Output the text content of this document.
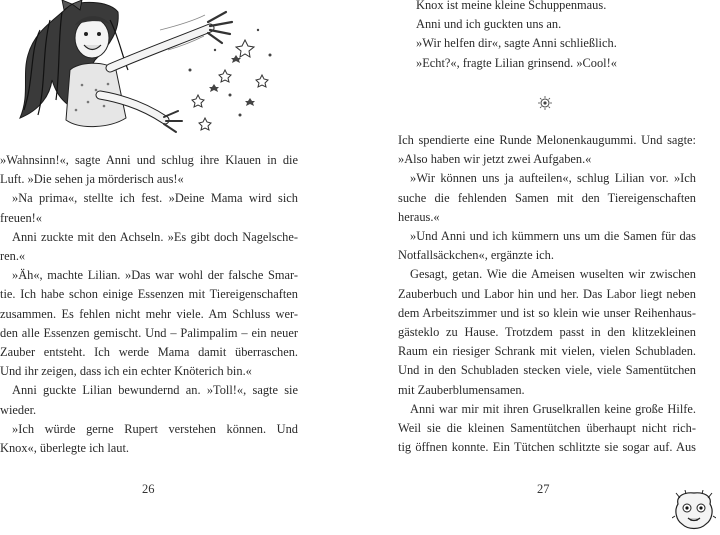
»Wahnsinn!«, sagte Anni und schlug ihre Klauen in die

Luft. »Die sehen ja mörderisch aus!«

»Na prima«, stellte ich fest. »Deine Mama wird sich

freuen!«

Anni zuckte mit den Achseln. »Es gibt doch Nagelsche-

ren.«

»Äh«, machte Lilian. »Das war wohl der falsche Smar-

tie. Ich habe schon einige Essenzen mit Tiereigenschaften

zusammen. Es fehlen nicht mehr viele. Am Schluss wer-

den alle Essenzen gemischt. Und – Palimpalim – ein neuer

Zauber entsteht. Ich werde Mama damit überraschen.

Und ihr zeigen, dass ich ein echter Knöterich bin.«

Anni guckte Lilian bewundernd an. »Toll!«, sagte sie

wieder.

»Ich würde gerne Rupert verstehen können. Und

Knox«, überlegte ich laut.

26

Knox ist meine kleine Schuppenmaus.

Anni und ich guckten uns an.

»Wir helfen dir«, sagte Anni schließlich.

»Echt?«, fragte Lilian grinsend. »Cool!«

Ich spendierte eine Runde Melonenkaugummi. Und sagte:

»Also haben wir jetzt zwei Aufgaben.«

»Wir können uns ja aufteilen«, schlug Lilian vor. »Ich

suche die fehlenden Samen mit den Tiereigenschaften

heraus.«

»Und Anni und ich kümmern uns um die Samen für das

Notfallsäckchen«, ergänzte ich.

Gesagt, getan. Wie die Ameisen wuselten wir zwischen

Zauberbuch und Labor hin und her. Das Labor liegt neben

dem Arbeitszimmer und ist so klein wie unser Reihenhaus-

gästeklo zu Hause. Trotzdem passt in den klitzekleinen

Raum ein riesiger Schrank mit vielen, vielen Schubladen.

Und in den Schubladen stecken viele, viele Samentütchen

mit Zauberblumensamen.

Anni war mir mit ihren Gruselkrallen keine große Hilfe.

Weil sie die kleinen Samentütchen überhaupt nicht rich-

tig öffnen konnte. Ein Tütchen schlitzte sie sogar auf. Aus

27
